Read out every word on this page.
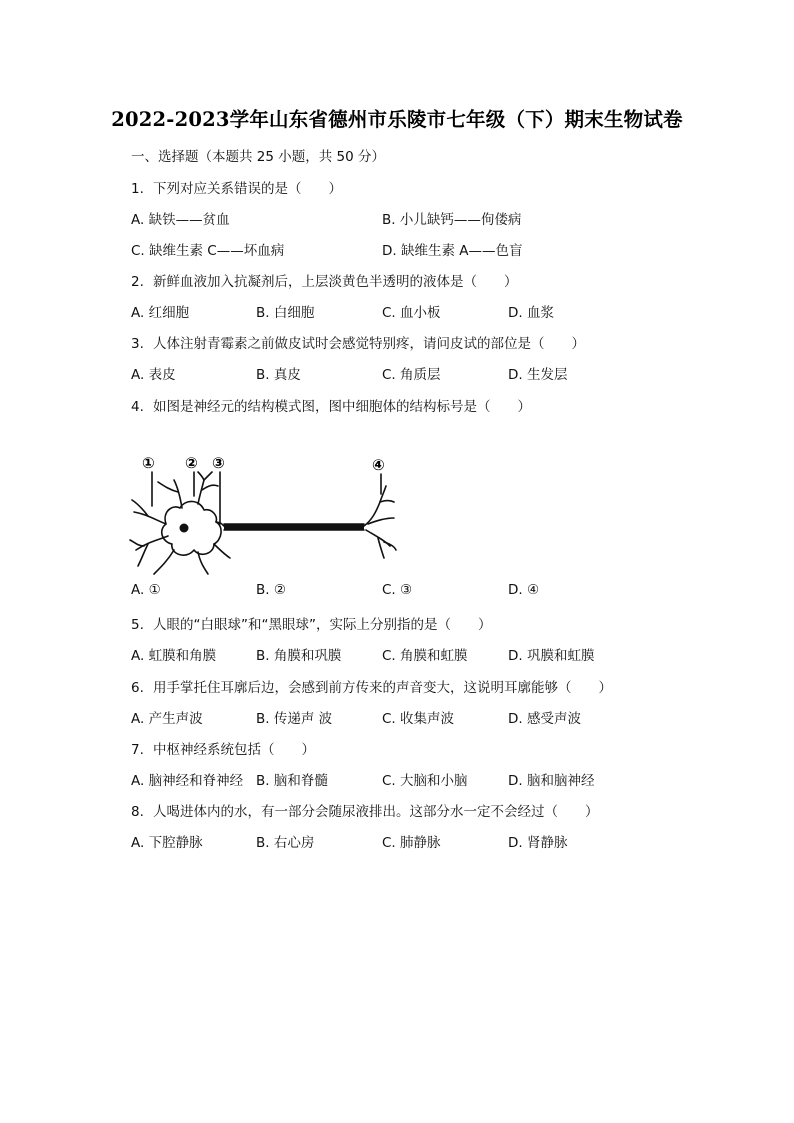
2022-2023学年山东省德州市乐陵市七年级（下）期末生物试卷
一、选择题（本题共 25 小题，共 50 分）
1. 下列对应关系错误的是（　　）
A. 缺铁——贫血	B. 小儿缺钙——佝偻病
C. 缺维生素 C——坏血病	D. 缺维生素 A——色盲
2. 新鲜血液加入抗凝剂后，上层淡黄色半透明的液体是（　　）
A. 红细胞	B. 白细胞	C. 血小板	D. 血浆
3. 人体注射青霉素之前做皮试时会感觉特别疼，请问皮试的部位是（　　）
A. 表皮	B. 真皮	C. 角质层	D. 生发层
4. 如图是神经元的结构模式图，图中细胞体的结构标号是（　　）
① ② ③	④
A. ①	B. ②	C. ③	D. ④
5. 人眼的“白眼球”和“黑眼球”，实际上分别指的是（　　）
A. 虹膜和角膜	B. 角膜和巩膜	C. 角膜和虹膜	D. 巩膜和虹膜
6. 用手掌托住耳廓后边，会感到前方传来的声音变大，这说明耳廓能够（　　）
A. 产生声波	B. 传递声 波	C. 收集声波	D. 感受声波
7. 中枢神经系统包括（　　）
A. 脑神经和脊神经 B. 脑和脊髓	C. 大脑和小脑	D. 脑和脑神经
8. 人喝进体内的水，有一部分会随尿液排出。这部分水一定不会经过（　　）
A. 下腔静脉	B. 右心房	C. 肺静脉	D. 肾静脉
